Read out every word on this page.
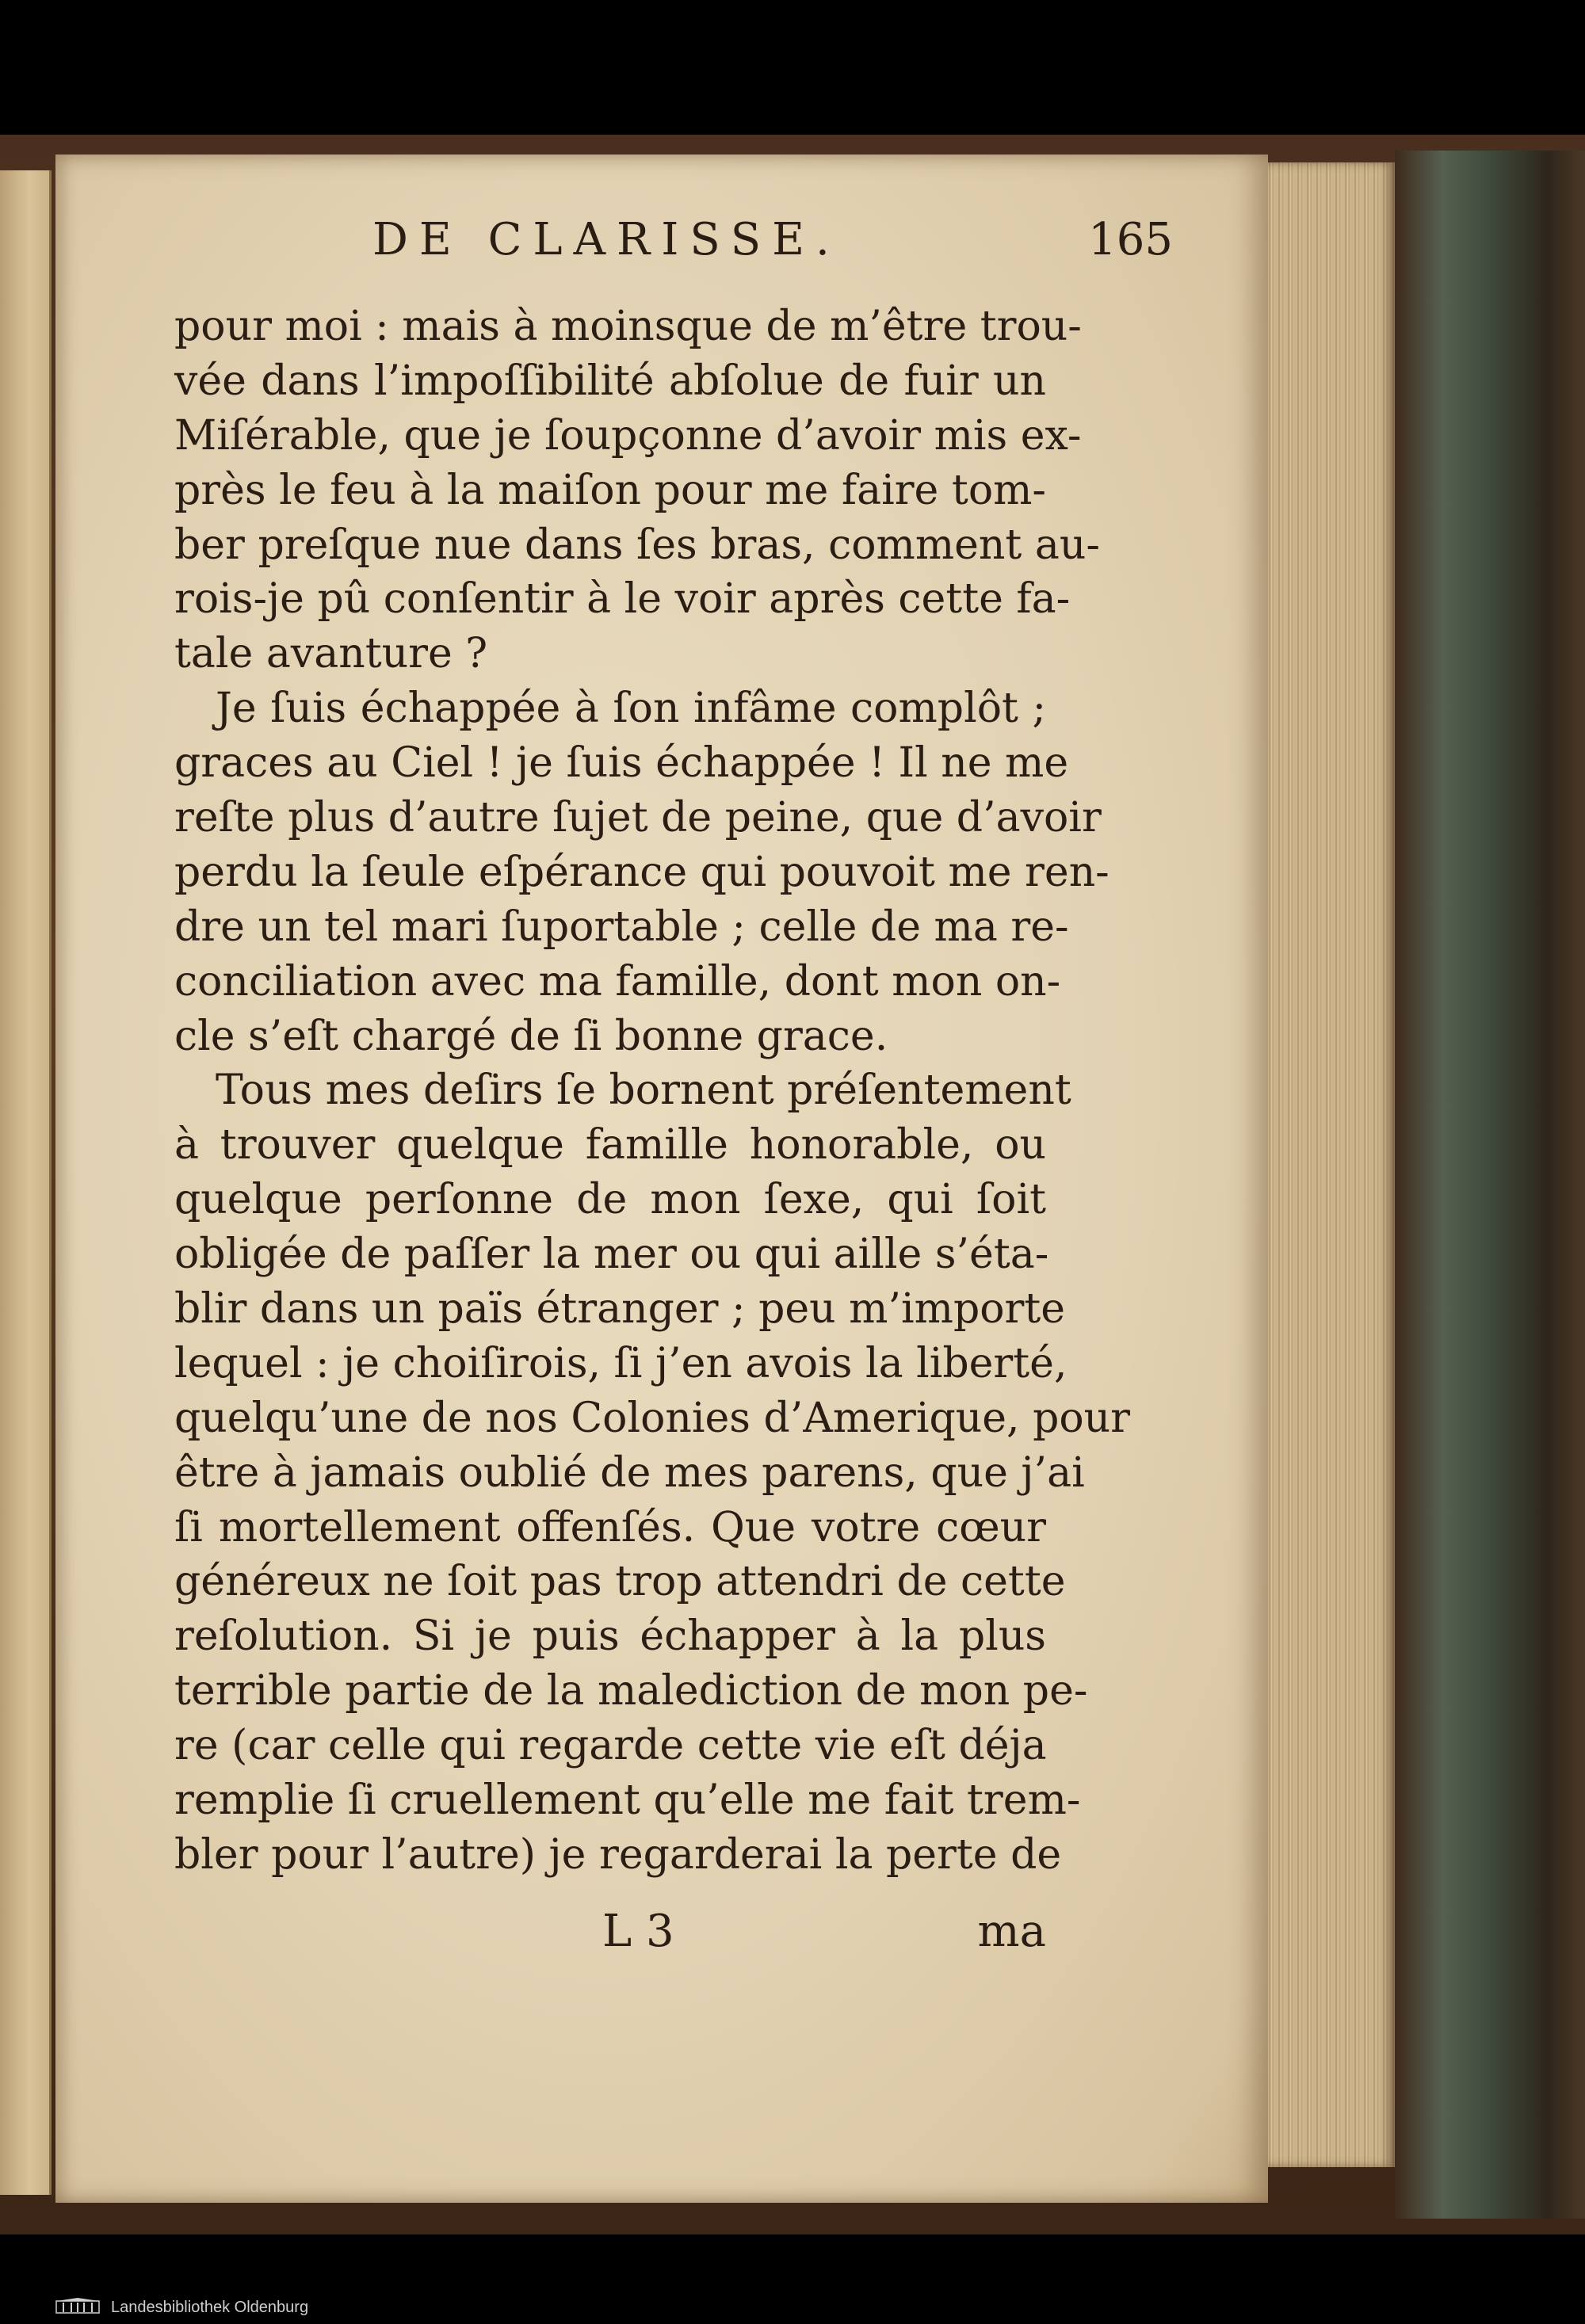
DE CLARISSE.	165
pour moi : mais à moinsque de m’être trou-
vée dans l’impoſſibilité abſolue de fuir un
Miſérable, que je ſoupçonne d’avoir mis ex-
près le feu à la maiſon pour me faire tom-
ber preſque nue dans ſes bras, comment au-
rois-je pû conſentir à le voir après cette fa-
tale avanture ?
Je ſuis échappée à ſon infâme complôt ;
graces au Ciel ! je ſuis échappée ! Il ne me
reſte plus d’autre ſujet de peine, que d’avoir
perdu la ſeule eſpérance qui pouvoit me ren-
dre un tel mari ſuportable ; celle de ma re-
conciliation avec ma famille, dont mon on-
cle s’eſt chargé de ſi bonne grace.
Tous mes deſirs ſe bornent préſentement
à trouver quelque famille honorable, ou
quelque perſonne de mon ſexe, qui ſoit
obligée de paſſer la mer ou qui aille s’éta-
blir dans un païs étranger ; peu m’importe
lequel : je choiſirois, ſi j’en avois la liberté,
quelqu’une de nos Colonies d’Amerique, pour
être à jamais oublié de mes parens, que j’ai
ſi mortellement offenſés. Que votre cœur
généreux ne ſoit pas trop attendri de cette
reſolution. Si je puis échapper à la plus
terrible partie de la malediction de mon pe-
re (car celle qui regarde cette vie eſt déja
remplie ſi cruellement qu’elle me fait trem-
bler pour l’autre) je regarderai la perte de
L 3	ma
Landesbibliothek Oldenburg
